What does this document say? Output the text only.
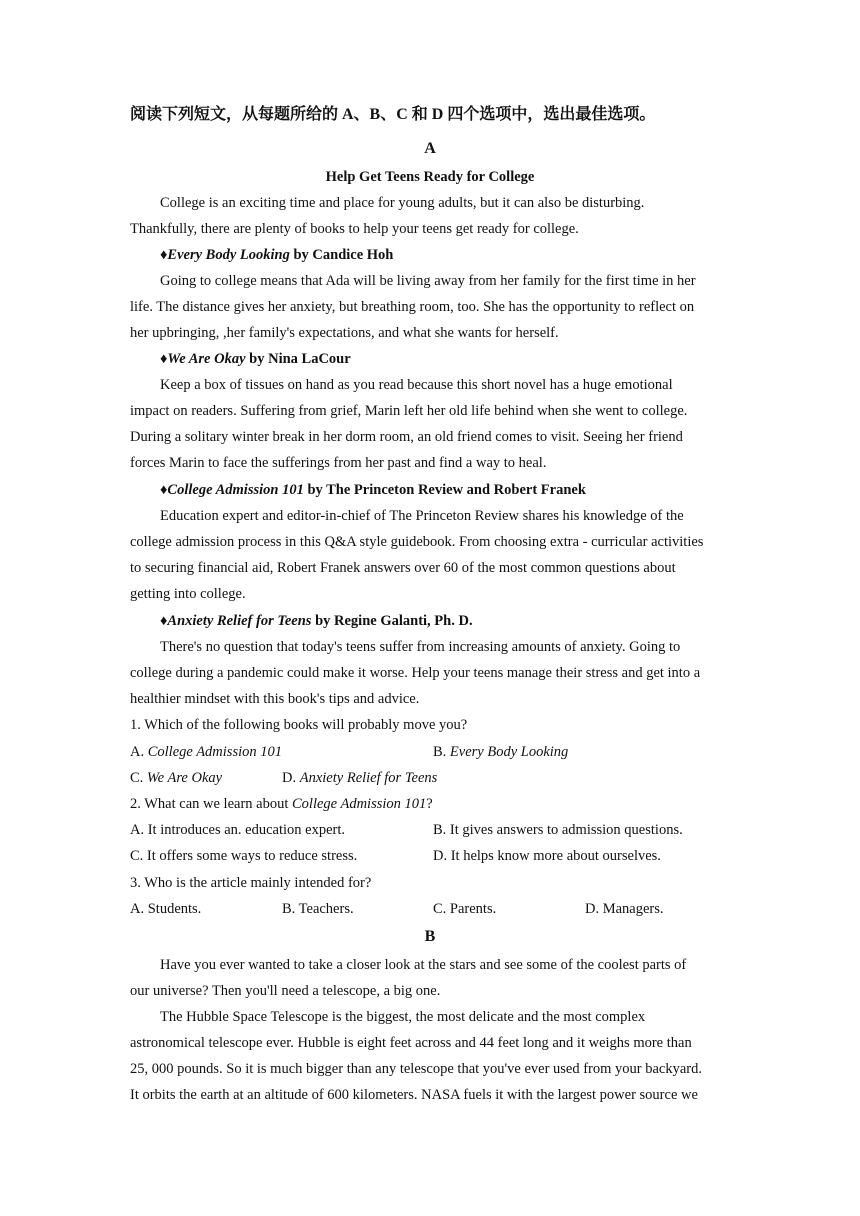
阅读下列短文，从每题所给的 A、B、C 和 D 四个选项中，选出最佳选项。
A
Help Get Teens Ready for College
College is an exciting time and place for young adults, but it can also be disturbing.
Thankfully, there are plenty of books to help your teens get ready for college.
♦Every Body Looking by Candice Hoh
Going to college means that Ada will be living away from her family for the first time in her
life. The distance gives her anxiety, but breathing room, too. She has the opportunity to reflect on
her upbringing, ,her family's expectations, and what she wants for herself.
♦We Are Okay by Nina LaCour
Keep a box of tissues on hand as you read because this short novel has a huge emotional
impact on readers. Suffering from grief, Marin left her old life behind when she went to college.
During a solitary winter break in her dorm room, an old friend comes to visit. Seeing her friend
forces Marin to face the sufferings from her past and find a way to heal.
♦College Admission 101 by The Princeton Review and Robert Franek
Education expert and editor-in-chief of The Princeton Review shares his knowledge of the
college admission process in this Q&A style guidebook. From choosing extra - curricular activities
to securing financial aid, Robert Franek answers over 60 of the most common questions about
getting into college.
♦Anxiety Relief for Teens by Regine Galanti, Ph. D.
There's no question that today's teens suffer from increasing amounts of anxiety. Going to
college during a pandemic could make it worse. Help your teens manage their stress and get into a
healthier mindset with this book's tips and advice.
1. Which of the following books will probably move you?
A. College Admission 101	B. Every Body Looking
C. We Are Okay	D. Anxiety Relief for Teens
2. What can we learn about College Admission 101?
A. It introduces an. education expert.	B. It gives answers to admission questions.
C. It offers some ways to reduce stress.	D. It helps know more about ourselves.
3. Who is the article mainly intended for?
A. Students.	B. Teachers.	C. Parents.	D. Managers.
B
Have you ever wanted to take a closer look at the stars and see some of the coolest parts of
our universe? Then you'll need a telescope, a big one.
The Hubble Space Telescope is the biggest, the most delicate and the most complex
astronomical telescope ever. Hubble is eight feet across and 44 feet long and it weighs more than
25, 000 pounds. So it is much bigger than any telescope that you've ever used from your backyard.
It orbits the earth at an altitude of 600 kilometers. NASA fuels it with the largest power source we
